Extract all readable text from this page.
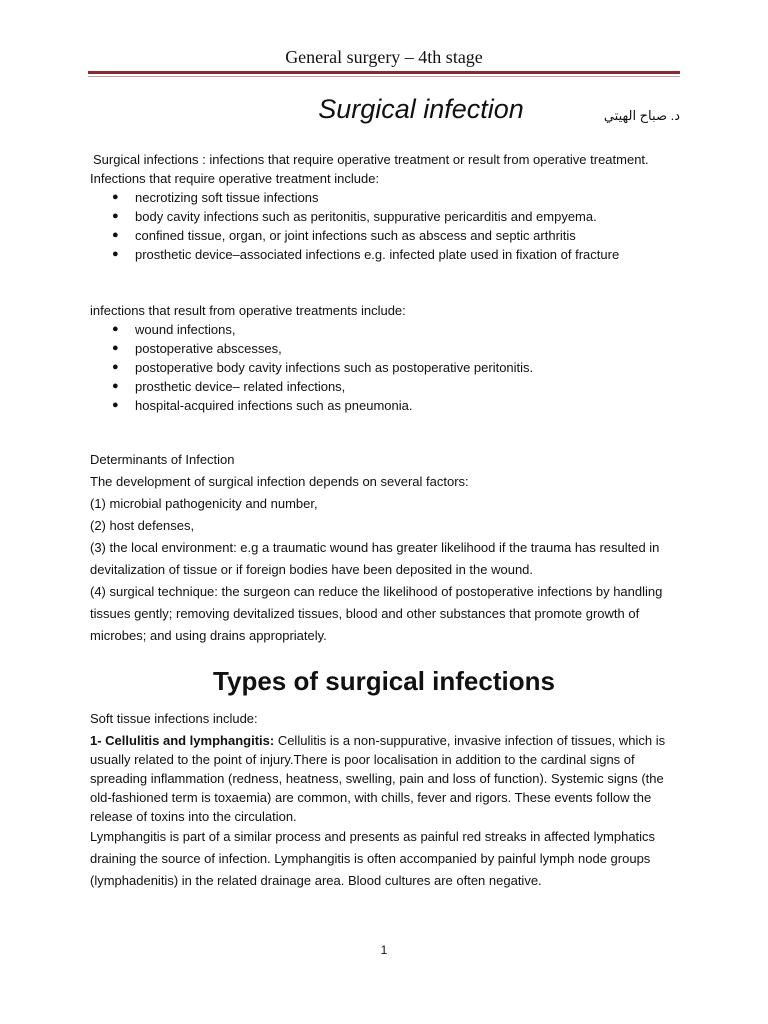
General surgery – 4th stage
Surgical infection	د. صباح الهيتي

Surgical infections : infections that require operative treatment or result from operative treatment.

Infections that require operative treatment include:

● necrotizing soft tissue infections
● body cavity infections such as peritonitis, suppurative pericarditis and empyema.
● confined tissue, organ, or joint infections such as abscess and septic arthritis
● prosthetic device–associated infections e.g. infected plate used in fixation of fracture

infections that result from operative treatments include:

● wound infections,
● postoperative abscesses,
● postoperative body cavity infections such as postoperative peritonitis.
● prosthetic device– related infections,
● hospital-acquired infections such as pneumonia.

Determinants of Infection

The development of surgical infection depends on several factors:

(1) microbial pathogenicity and number,

(2) host defenses,

(3) the local environment: e.g a traumatic wound has greater likelihood if the trauma has resulted in devitalization of tissue or if foreign bodies have been deposited in the wound.

(4) surgical technique: the surgeon can reduce the likelihood of postoperative infections by handling tissues gently; removing devitalized tissues, blood and other substances that promote growth of microbes; and using drains appropriately.

Types of surgical infections

Soft tissue infections include:

1- Cellulitis and lymphangitis: Cellulitis is a non-suppurative, invasive infection of tissues, which is usually related to the point of injury.There is poor localisation in addition to the cardinal signs of spreading inflammation (redness, heatness, swelling, pain and loss of function). Systemic signs (the old-fashioned term is toxaemia) are common, with chills, fever and rigors. These events follow the release of toxins into the circulation.

Lymphangitis is part of a similar process and presents as painful red streaks in affected lymphatics draining the source of infection. Lymphangitis is often accompanied by painful lymph node groups (lymphadenitis) in the related drainage area. Blood cultures are often negative.

1
